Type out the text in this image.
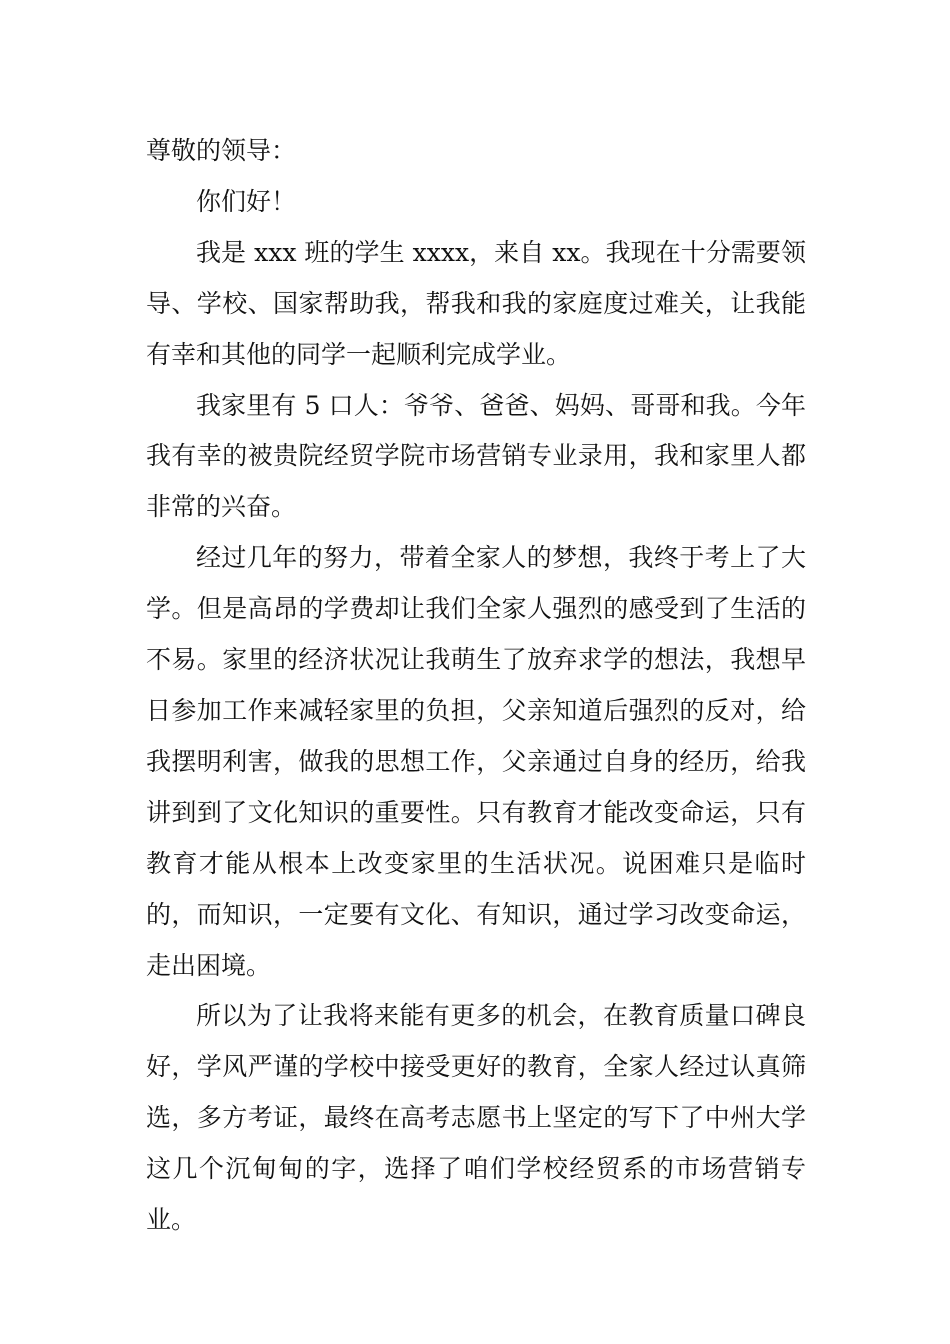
尊敬的领导：

你们好！

我是 xxx 班的学生 xxxx，来自 xx。我现在十分需要领导、学校、国家帮助我，帮我和我的家庭度过难关，让我能有幸和其他的同学一起顺利完成学业。

我家里有 5 口人：爷爷、爸爸、妈妈、哥哥和我。今年我有幸的被贵院经贸学院市场营销专业录用，我和家里人都非常的兴奋。

经过几年的努力，带着全家人的梦想，我终于考上了大学。但是高昂的学费却让我们全家人强烈的感受到了生活的不易。家里的经济状况让我萌生了放弃求学的想法，我想早日参加工作来减轻家里的负担，父亲知道后强烈的反对，给我摆明利害，做我的思想工作，父亲通过自身的经历，给我讲到到了文化知识的重要性。只有教育才能改变命运，只有教育才能从根本上改变家里的生活状况。说困难只是临时的，而知识，一定要有文化、有知识，通过学习改变命运，走出困境。

所以为了让我将来能有更多的机会，在教育质量口碑良好，学风严谨的学校中接受更好的教育，全家人经过认真筛选，多方考证，最终在高考志愿书上坚定的写下了中州大学这几个沉甸甸的字，选择了咱们学校经贸系的市场营销专业。
